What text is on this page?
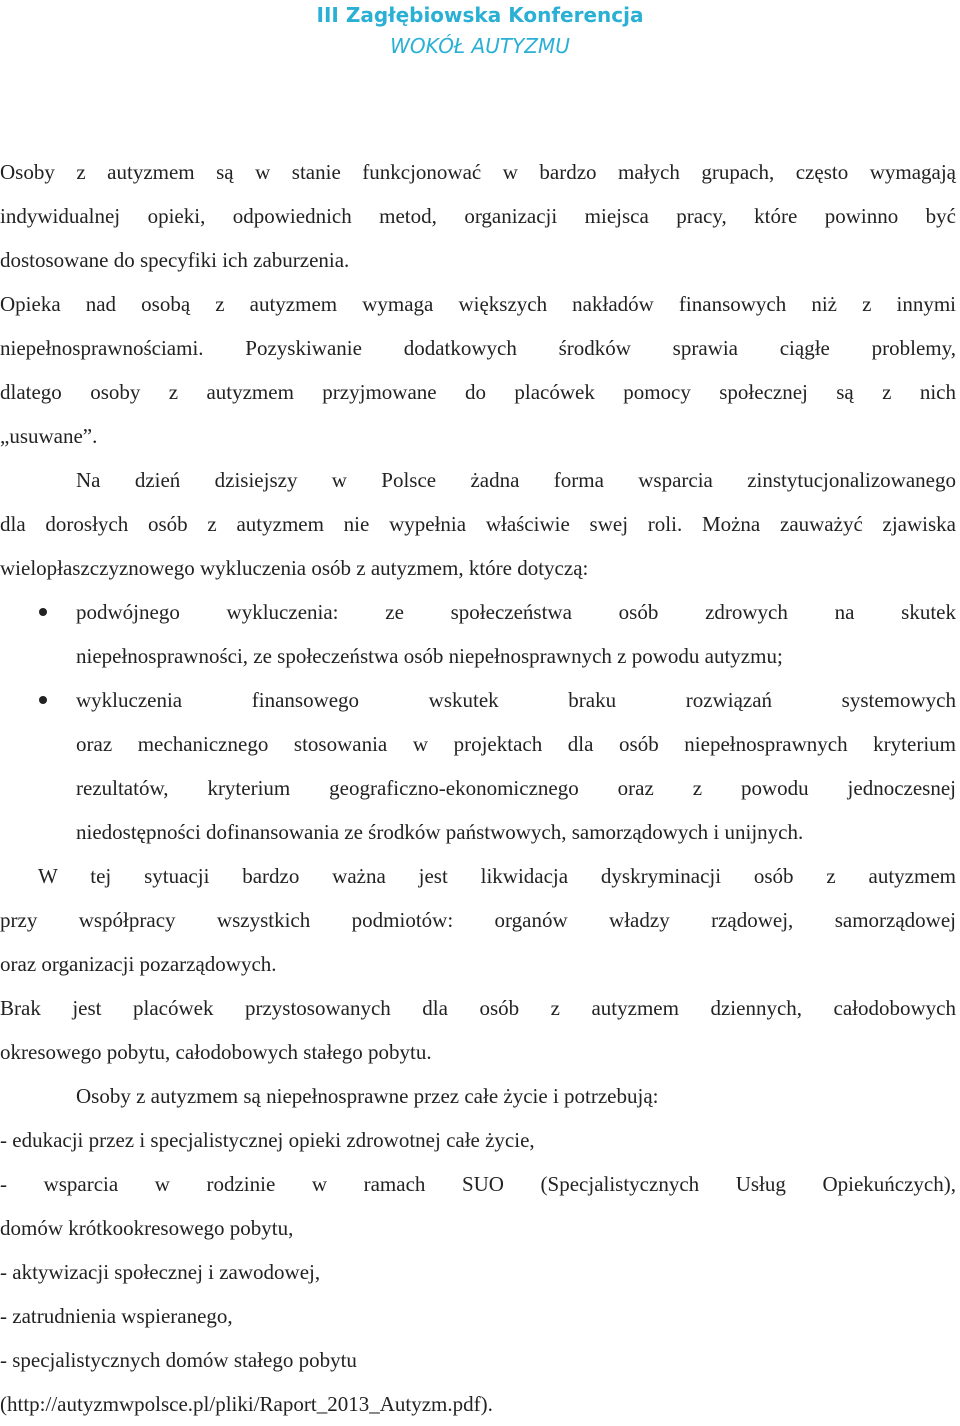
III Zagłębiowska Konferencja
WOKÓŁ AUTYZMU
Osoby z autyzmem są w stanie funkcjonować w bardzo małych grupach, często wymagają
indywidualnej opieki, odpowiednich metod, organizacji miejsca pracy, które powinno być
dostosowane do specyfiki ich zaburzenia.
Opieka nad osobą z autyzmem wymaga większych nakładów finansowych niż z innymi
niepełnosprawnościami. Pozyskiwanie dodatkowych środków sprawia ciągłe problemy,
dlatego osoby z autyzmem przyjmowane do placówek pomocy społecznej są z nich
„usuwane”.
Na dzień dzisiejszy w Polsce żadna forma wsparcia zinstytucjonalizowanego
dla dorosłych osób z autyzmem nie wypełnia właściwie swej roli. Można zauważyć zjawiska
wielopłaszczyznowego wykluczenia osób z autyzmem, które dotyczą:
podwójnego wykluczenia: ze społeczeństwa osób zdrowych na skutek
niepełnosprawności, ze społeczeństwa osób niepełnosprawnych z powodu autyzmu;
wykluczenia finansowego wskutek braku rozwiązań systemowych
oraz mechanicznego stosowania w projektach dla osób niepełnosprawnych kryterium
rezultatów, kryterium geograficzno-ekonomicznego oraz z powodu jednoczesnej
niedostępności dofinansowania ze środków państwowych, samorządowych i unijnych.
W tej sytuacji bardzo ważna jest likwidacja dyskryminacji osób z autyzmem
przy współpracy wszystkich podmiotów: organów władzy rządowej, samorządowej
oraz organizacji pozarządowych.
Brak jest placówek przystosowanych dla osób z autyzmem dziennych, całodobowych
okresowego pobytu, całodobowych stałego pobytu.
Osoby z autyzmem są niepełnosprawne przez całe życie i potrzebują:
- edukacji przez i specjalistycznej opieki zdrowotnej całe życie,
- wsparcia w rodzinie w ramach SUO (Specjalistycznych Usług Opiekuńczych),
domów krótkookresowego pobytu,
- aktywizacji społecznej i zawodowej,
- zatrudnienia wspieranego,
- specjalistycznych domów stałego pobytu
(http://autyzmwpolsce.pl/pliki/Raport_2013_Autyzm.pdf).
